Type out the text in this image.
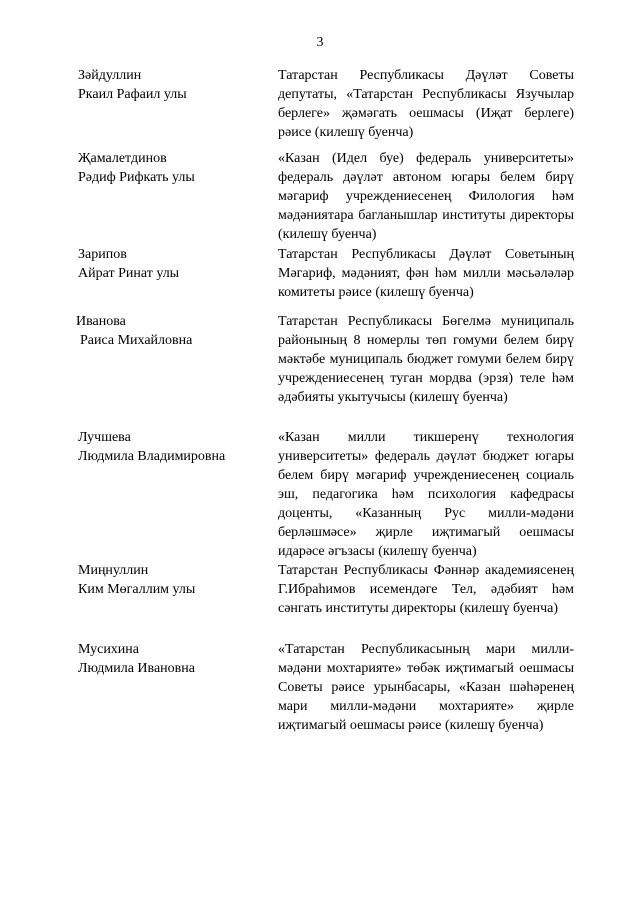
3
Зәйдуллин
Ркаил Рафаил улы
Татарстан Республикасы Дәүләт Советы депутаты, «Татарстан Республикасы Язучылар берлеге» җәмәгать оешмасы (Иҗат берлеге) рәисе (килешү буенча)
Җамалетдинов
Рәдиф Рифкать улы
«Казан (Идел буе) федераль университеты» федераль дәүләт автоном югары белем бирү мәгариф учреждениесенең Филология һәм мәдәниятара багланышлар институты директоры (килешү буенча)
Зарипов
Айрат Ринат улы
Татарстан Республикасы Дәүләт Советының Мәгариф, мәдәният, фән һәм милли мәсьәләләр комитеты рәисе (килешү буенча)
Иванова
Раиса Михайловна
Татарстан Республикасы Бөгелмә муниципаль районының 8 номерлы төп гомуми белем бирү мәктәбе муниципаль бюджет гомуми белем бирү учреждениесенең туган мордва (эрзя) теле һәм әдәбияты укытучысы (килешү буенча)
Лучшева
Людмила Владимировна
«Казан милли тикшеренү технология университеты» федераль дәүләт бюджет югары белем бирү мәгариф учреждениесенең социаль эш, педагогика һәм психология кафедрасы доценты, «Казанның Рус милли-мәдәни берләшмәсе» җирле иҗтимагый оешмасы идарәсе әгъзасы (килешү буенча)
Миңнуллин
Ким Мөгаллим улы
Татарстан Республикасы Фәннәр академиясенең Г.Ибраһимов исемендәге Тел, әдәбият һәм сәнгать институты директоры (килешү буенча)
Мусихина
Людмила Ивановна
«Татарстан Республикасының мари милли-мәдәни мохтарияте» төбәк иҗтимагый оешмасы Советы рәисе урынбасары, «Казан шәһәренең мари милли-мәдәни мохтарияте» җирле иҗтимагый оешмасы рәисе (килешү буенча)
